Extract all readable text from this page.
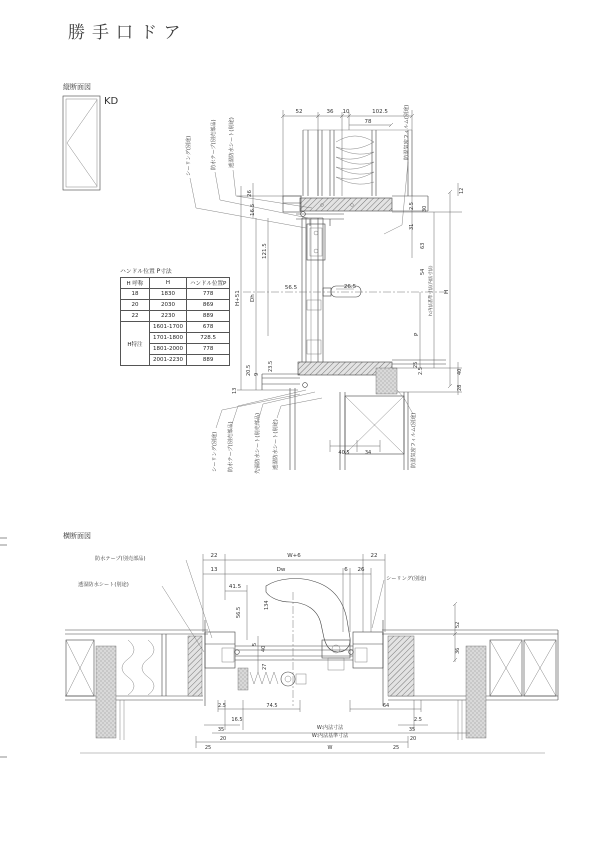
勝手口ドア
縦断面図
KD
横断面図

ハンドル位置 P寸法

H 呼称	H	ハンドル位置P
18	1830	778
20	2030	869
22	2230	889
H特注	1601-1700	678
	1701-1800	728.5
	1801-2000	778
	2001-2230	889
52	36 10	102.5
78
26
16.5
121.5
Dh
H+51
56.5	26.5
20.5 9
23.5
13
12
2.5 30
31
63
54
P
25
40
28
H
h:内法基準寸法(内法寸法)
40.5	34
2.5
シーリング(別途)	防水テープ(別売部品)	透湿防水シート(別途)	防湿気密フィルム(別途)
シーリング(別途)	防水テープ(別売部品)	先張防水シート(別売部品)	透湿防水シート(別途)	防湿気密フィルム(別途)
22	W+6	22
13	Dw	6 26
41.5
56.5
134
5
40
27
52
36
2.5	74.5
16.5
64
2.5
35	35
20	20
W:内法寸法
W:内法基準寸法
25	25
W
防水テープ(別売部品)
透湿防水シート(別途)
シーリング(別途)
